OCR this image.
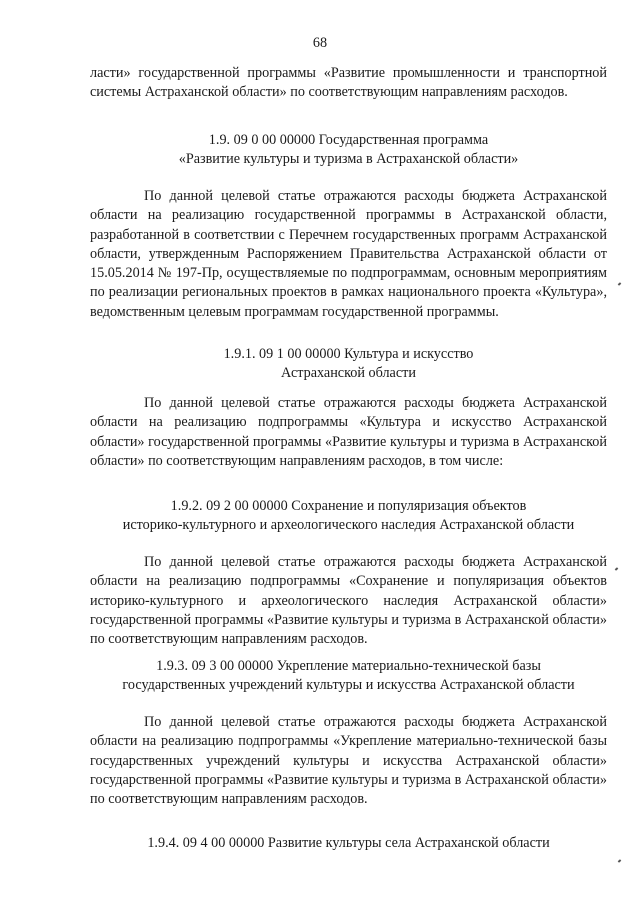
68

ласти» государственной программы «Развитие промышленности и транспортной системы Астраханской области» по соответствующим направлениям расходов.

1.9. 09 0 00 00000 Государственная программа
«Развитие культуры и туризма в Астраханской области»

По данной целевой статье отражаются расходы бюджета Астраханской области на реализацию государственной программы в Астраханской области, разработанной в соответствии с Перечнем государственных программ Астраханской области, утвержденным Распоряжением Правительства Астраханской области от 15.05.2014 № 197-Пр, осуществляемые по подпрограммам, основным мероприятиям по реализации региональных проектов в рамках национального проекта «Культура», ведомственным целевым программам государственной программы.

1.9.1. 09 1 00 00000 Культура и искусство
Астраханской области

По данной целевой статье отражаются расходы бюджета Астраханской области на реализацию подпрограммы «Культура и искусство Астраханской области» государственной программы «Развитие культуры и туризма в Астраханской области» по соответствующим направлениям расходов, в том числе:

1.9.2. 09 2 00 00000 Сохранение и популяризация объектов
историко-культурного и археологического наследия Астраханской области

По данной целевой статье отражаются расходы бюджета Астраханской области на реализацию подпрограммы «Сохранение и популяризация объектов историко-культурного и археологического наследия Астраханской области» государственной программы «Развитие культуры и туризма в Астраханской области» по соответствующим направлениям расходов.

1.9.3. 09 3 00 00000 Укрепление материально-технической базы
государственных учреждений культуры и искусства Астраханской области

По данной целевой статье отражаются расходы бюджета Астраханской области на реализацию подпрограммы «Укрепление материально-технической базы государственных учреждений культуры и искусства Астраханской области» государственной программы «Развитие культуры и туризма в Астраханской области» по соответствующим направлениям расходов.

1.9.4. 09 4 00 00000 Развитие культуры села Астраханской области
